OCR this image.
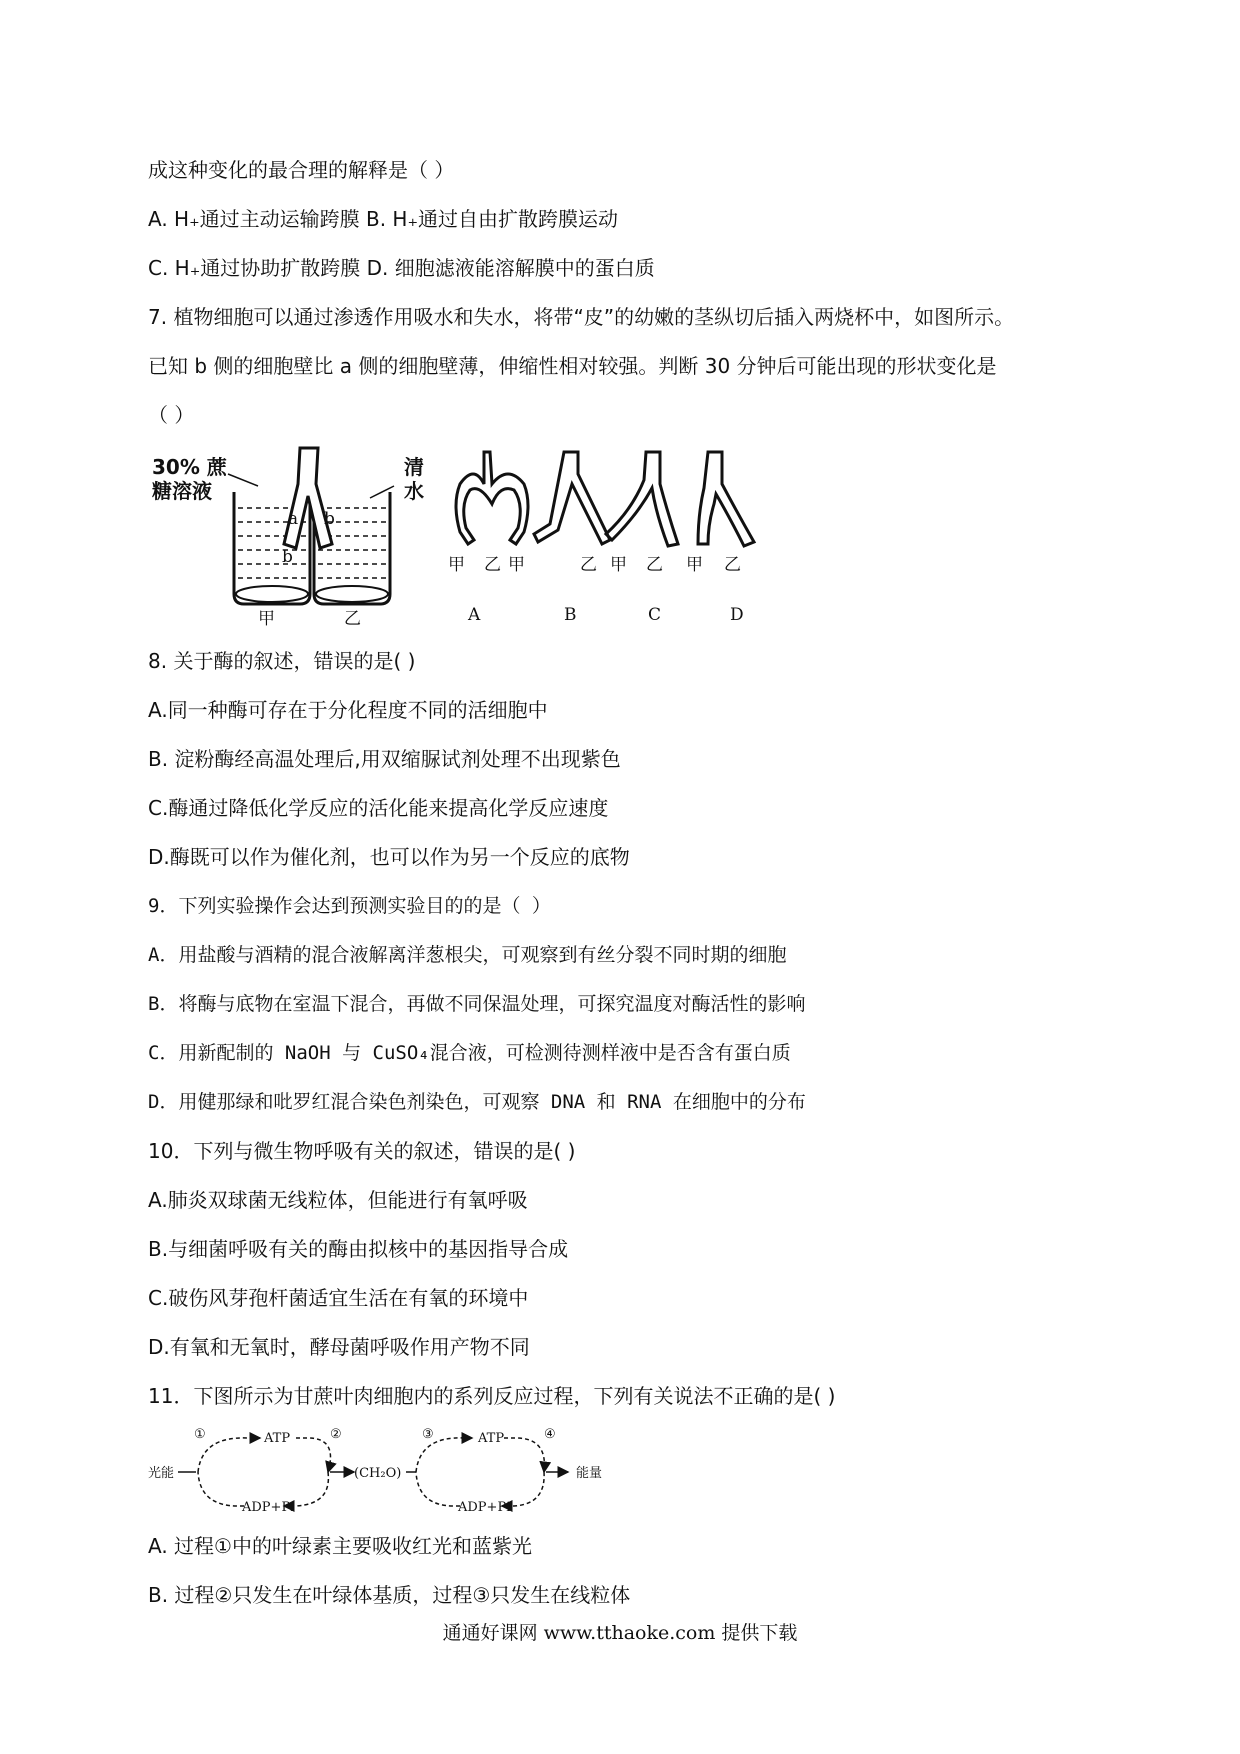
成这种变化的最合理的解释是（ ）
A. H₊通过主动运输跨膜 B. H₊通过自由扩散跨膜运动
C. H₊通过协助扩散跨膜 D. 细胞滤液能溶解膜中的蛋白质
7. 植物细胞可以通过渗透作用吸水和失水，将带“皮”的幼嫩的茎纵切后插入两烧杯中，如图所示。
已知 b 侧的细胞壁比 a 侧的细胞壁薄，伸缩性相对较强。判断 30 分钟后可能出现的形状变化是
（ ）
30% 蔗
糖溶液
清
水
a
b
b
甲	乙
甲 乙 甲	乙 甲 乙 甲 乙
A	B	C	D
8. 关于酶的叙述，错误的是( )
A.同一种酶可存在于分化程度不同的活细胞中
B. 淀粉酶经高温处理后,用双缩脲试剂处理不出现紫色
C.酶通过降低化学反应的活化能来提高化学反应速度
D.酶既可以作为催化剂，也可以作为另一个反应的底物
9．下列实验操作会达到预测实验目的的是（ ）
A．用盐酸与酒精的混合液解离洋葱根尖，可观察到有丝分裂不同时期的细胞
B．将酶与底物在室温下混合，再做不同保温处理，可探究温度对酶活性的影响
C．用新配制的 NaOH 与 CuSO₄混合液，可检测待测样液中是否含有蛋白质
D．用健那绿和吡罗红混合染色剂染色，可观察 DNA 和 RNA 在细胞中的分布
10．下列与微生物呼吸有关的叙述，错误的是( )
A.肺炎双球菌无线粒体，但能进行有氧呼吸
B.与细菌呼吸有关的酶由拟核中的基因指导合成
C.破伤风芽孢杆菌适宜生活在有氧的环境中
D.有氧和无氧时，酵母菌呼吸作用产物不同
11．下图所示为甘蔗叶肉细胞内的系列反应过程，下列有关说法不正确的是( )
光能
ATP
ADP+Pi
(CH₂O)
ATP
ADP+Pi
能量
①	②	③	④
A. 过程①中的叶绿素主要吸收红光和蓝紫光
B. 过程②只发生在叶绿体基质，过程③只发生在线粒体
通通好课网 www.tthaoke.com 提供下载
